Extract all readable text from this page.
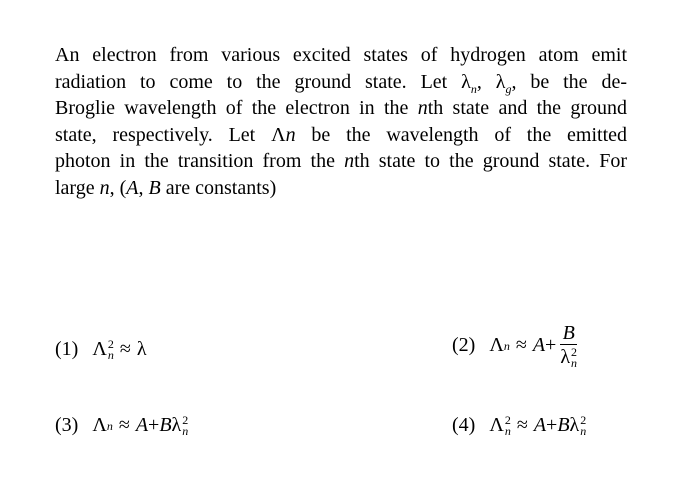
An electron from various excited states of hydrogen atom emit
radiation to come to the ground state. Let $\lambda_n$, $\lambda_g$, be the de-
Broglie wavelength of the electron in the nth state and the ground
state, respectively. Let Λn be the wavelength of the emitted
photon in the transition from the nth state to the ground state. For
large n, (A, B are constants)
(1) Λ 2
n ≈ λ	(2) Λ n ≈ A + B
λ 2
n
(3) Λ n ≈ A + B λ 2
n	(4) Λ 2
n ≈ A + B λ 2
n
